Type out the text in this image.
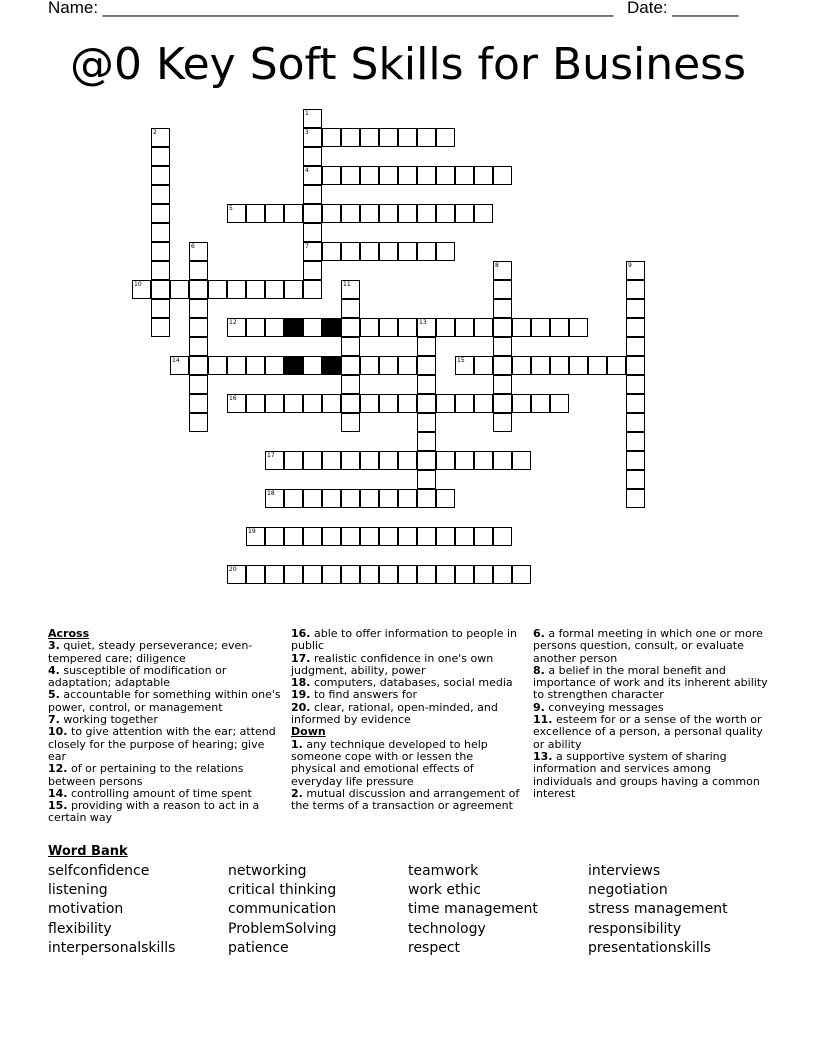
Name: ______________________________________________________ Date: _______
@0 Key Soft Skills for Business
1
3
4
7
2
5
6
8	9
10	11
12	13
14	15
16
17
18
19
20
Across
3. quiet, steady perseverance; even-tempered care; diligence
4. susceptible of modification or adaptation; adaptable
5. accountable for something within one's power, control, or management
7. working together
10. to give attention with the ear; attend closely for the purpose of hearing; give ear
12. of or pertaining to the relations between persons
14. controlling amount of time spent
15. providing with a reason to act in a certain way
16. able to offer information to people in public
17. realistic confidence in one's own judgment, ability, power
18. computers, databases, social media
19. to find answers for
20. clear, rational, open-minded, and informed by evidence
Down
1. any technique developed to help someone cope with or lessen the physical and emotional effects of everyday life pressure
2. mutual discussion and arrangement of the terms of a transaction or agreement
6. a formal meeting in which one or more persons question, consult, or evaluate another person
8. a belief in the moral benefit and importance of work and its inherent ability to strengthen character
9. conveying messages
11. esteem for or a sense of the worth or excellence of a person, a personal quality or ability
13. a supportive system of sharing information and services among individuals and groups having a common interest
Word Bank
selfconfidence
listening
motivation
flexibility
interpersonalskills
networking
critical thinking
communication
ProblemSolving
patience
teamwork
work ethic
time management
technology
respect
interviews
negotiation
stress management
responsibility
presentationskills
